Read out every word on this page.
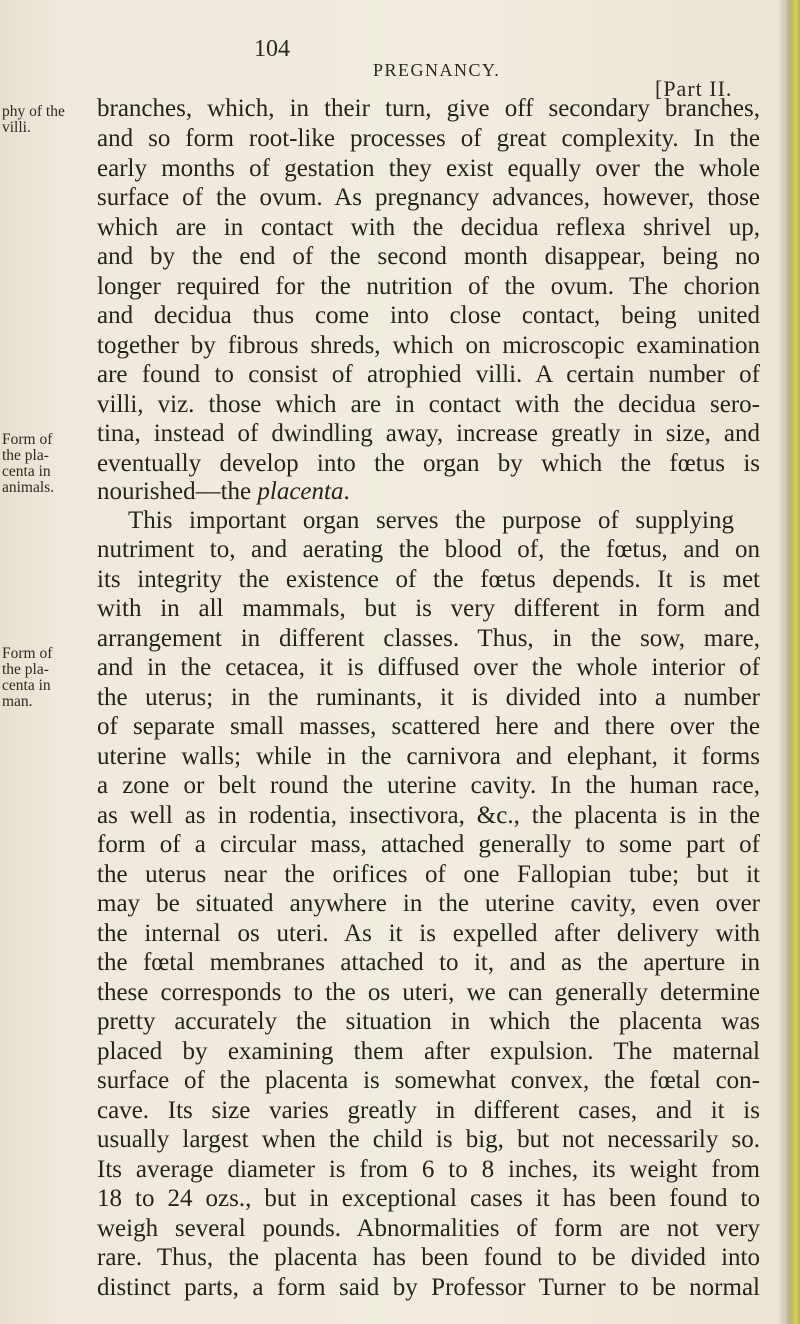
104
PREGNANCY.
[Part II.
phy of the
villi.
Form of
the pla-
centa in
animals.
Form of
the pla-
centa in
man.
branches, which, in their turn, give off secondary branches,
and so form root-like processes of great complexity. In the
early months of gestation they exist equally over the whole
surface of the ovum. As pregnancy advances, however, those
which are in contact with the decidua reflexa shrivel up,
and by the end of the second month disappear, being no
longer required for the nutrition of the ovum. The chorion
and decidua thus come into close contact, being united
together by fibrous shreds, which on microscopic examination
are found to consist of atrophied villi. A certain number of
villi, viz. those which are in contact with the decidua sero-
tina, instead of dwindling away, increase greatly in size, and
eventually develop into the organ by which the fœtus is
nourished—the placenta.
This important organ serves the purpose of supplying
nutriment to, and aerating the blood of, the fœtus, and on
its integrity the existence of the fœtus depends. It is met
with in all mammals, but is very different in form and
arrangement in different classes. Thus, in the sow, mare,
and in the cetacea, it is diffused over the whole interior of
the uterus; in the ruminants, it is divided into a number
of separate small masses, scattered here and there over the
uterine walls; while in the carnivora and elephant, it forms
a zone or belt round the uterine cavity. In the human race,
as well as in rodentia, insectivora, &c., the placenta is in the
form of a circular mass, attached generally to some part of
the uterus near the orifices of one Fallopian tube; but it
may be situated anywhere in the uterine cavity, even over
the internal os uteri. As it is expelled after delivery with
the fœtal membranes attached to it, and as the aperture in
these corresponds to the os uteri, we can generally determine
pretty accurately the situation in which the placenta was
placed by examining them after expulsion. The maternal
surface of the placenta is somewhat convex, the fœtal con-
cave. Its size varies greatly in different cases, and it is
usually largest when the child is big, but not necessarily so.
Its average diameter is from 6 to 8 inches, its weight from
18 to 24 ozs., but in exceptional cases it has been found to
weigh several pounds. Abnormalities of form are not very
rare. Thus, the placenta has been found to be divided into
distinct parts, a form said by Professor Turner to be normal
